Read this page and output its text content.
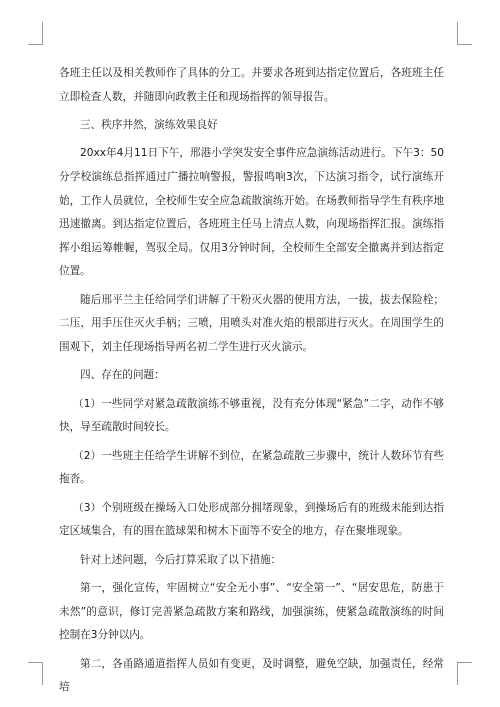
各班主任以及相关教师作了具体的分工。并要求各班到达指定位置后，各班班主任立即检查人数，并随即向政教主任和现场指挥的领导报告。

三、秩序井然，演练效果良好

20xx年4月11日下午，邢港小学突发安全事件应急演练活动进行。下午3：50分学校演练总指挥通过广播拉响警报，警报鸣响3次，下达演习指令，试行演练开始，工作人员就位，全校师生安全应急疏散演练开始。在场教师指导学生有秩序地迅速撤离。到达指定位置后，各班班主任马上清点人数，向现场指挥汇报。演练指挥小组运筹帷幄，驾驭全局。仅用3分钟时间，全校师生全部安全撤离并到达指定位置。

随后邢平兰主任给同学们讲解了干粉灭火器的使用方法，一拔，拔去保险栓；二压，用手压住灭火手柄；三喷，用喷头对准火焰的根部进行灭火。在周围学生的围观下，刘主任现场指导两名初二学生进行灭火演示。

四、存在的问题：

（1）一些同学对紧急疏散演练不够重视，没有充分体现“紧急”二字，动作不够快，导至疏散时间较长。

（2）一些班主任给学生讲解不到位，在紧急疏散三步骤中，统计人数环节有些拖沓。

（3）个别班级在操场入口处形成部分拥堵现象，到操场后有的班级未能到达指定区域集合，有的围在篮球架和树木下面等不安全的地方，存在聚堆现象。

针对上述问题，今后打算采取了以下措施：

第一，强化宣传，牢固树立“安全无小事”、“安全第一”、“居安思危，防患于未然”的意识，修订完善紧急疏散方案和路线，加强演练，使紧急疏散演练的时间控制在3分钟以内。

第二，各甬路通道指挥人员如有变更，及时调整，避免空缺，加强责任，经常培
